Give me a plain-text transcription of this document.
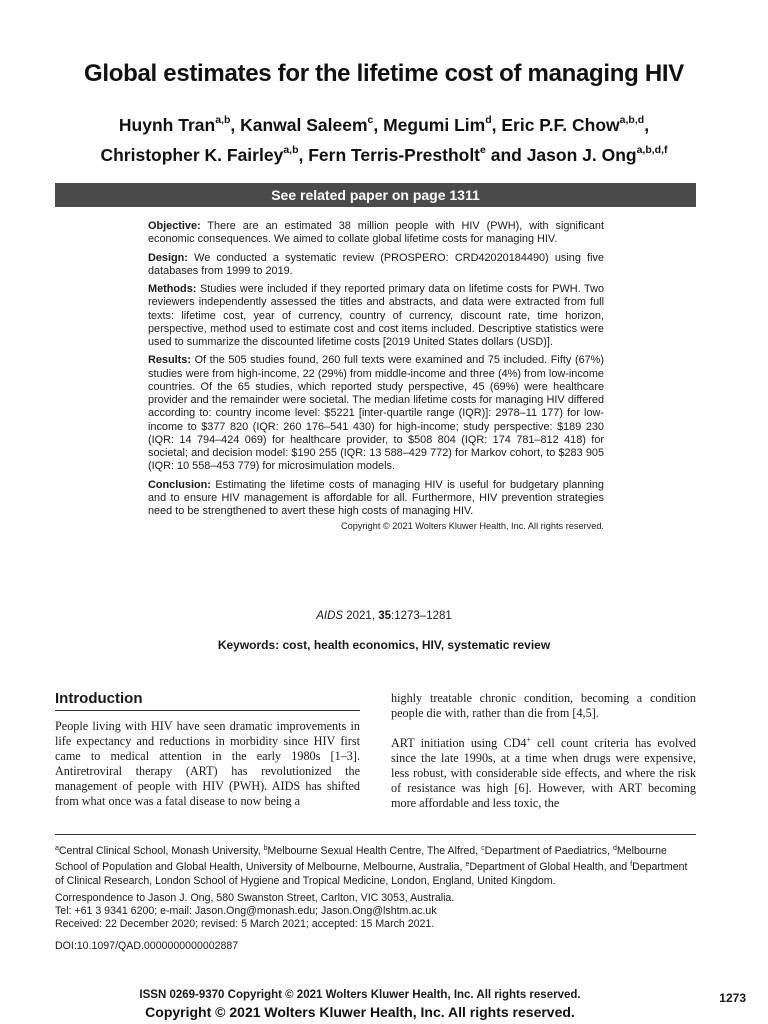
Global estimates for the lifetime cost of managing HIV
Huynh Tran$^{a,b}$, Kanwal Saleem$^c$, Megumi Lim$^d$, Eric P.F. Chow$^{a,b,d}$,
Christopher K. Fairley$^{a,b}$, Fern Terris-Prestholt$^e$ and Jason J. Ong$^{a,b,d,f}$
See related paper on page 1311

Objective: There are an estimated 38 million people with HIV (PWH), with significant economic consequences. We aimed to collate global lifetime costs for managing HIV.

Design: We conducted a systematic review (PROSPERO: CRD42020184490) using five databases from 1999 to 2019.

Methods: Studies were included if they reported primary data on lifetime costs for PWH. Two reviewers independently assessed the titles and abstracts, and data were extracted from full texts: lifetime cost, year of currency, country of currency, discount rate, time horizon, perspective, method used to estimate cost and cost items included. Descriptive statistics were used to summarize the discounted lifetime costs [2019 United States dollars (USD)].

Results: Of the 505 studies found, 260 full texts were examined and 75 included. Fifty (67%) studies were from high-income, 22 (29%) from middle-income and three (4%) from low-income countries. Of the 65 studies, which reported study perspective, 45 (69%) were healthcare provider and the remainder were societal. The median lifetime costs for managing HIV differed according to: country income level: $5221 [inter-quartile range (IQR)]: 2978–11 177) for low-income to $377 820 (IQR: 260 176–541 430) for high-income; study perspective: $189 230 (IQR: 14 794–424 069) for healthcare provider, to $508 804 (IQR: 174 781–812 418) for societal; and decision model: $190 255 (IQR: 13 588–429 772) for Markov cohort, to $283 905 (IQR: 10 558–453 779) for microsimulation models.

Conclusion: Estimating the lifetime costs of managing HIV is useful for budgetary planning and to ensure HIV management is affordable for all. Furthermore, HIV prevention strategies need to be strengthened to avert these high costs of managing HIV.

Copyright © 2021 Wolters Kluwer Health, Inc. All rights reserved.
AIDS 2021, 35:1273–1281
Keywords: cost, health economics, HIV, systematic review
Introduction

People living with HIV have seen dramatic improvements in life expectancy and reductions in morbidity since HIV first came to medical attention in the early 1980s [1–3]. Antiretroviral therapy (ART) has revolutionized the management of people with HIV (PWH). AIDS has shifted from what once was a fatal disease to now being a

highly treatable chronic condition, becoming a condition people die with, rather than die from [4,5].

ART initiation using CD4+ cell count criteria has evolved since the late 1990s, at a time when drugs were expensive, less robust, with considerable side effects, and where the risk of resistance was high [6]. However, with ART becoming more affordable and less toxic, the

$^a$Central Clinical School, Monash University, $^b$Melbourne Sexual Health Centre, The Alfred, $^c$Department of Paediatrics, $^d$Melbourne School of Population and Global Health, University of Melbourne, Melbourne, Australia, $^e$Department of Global Health, and $^f$Department of Clinical Research, London School of Hygiene and Tropical Medicine, London, England, United Kingdom.

Correspondence to Jason J. Ong, 580 Swanston Street, Carlton, VIC 3053, Australia.

Tel: +61 3 9341 6200; e-mail: Jason.Ong@monash.edu; Jason.Ong@lshtm.ac.uk

Received: 22 December 2020; revised: 5 March 2021; accepted: 15 March 2021.

DOI:10.1097/QAD.0000000000002887

ISSN 0269-9370 Copyright © 2021 Wolters Kluwer Health, Inc. All rights reserved.	1273
Copyright © 2021 Wolters Kluwer Health, Inc. All rights reserved.
